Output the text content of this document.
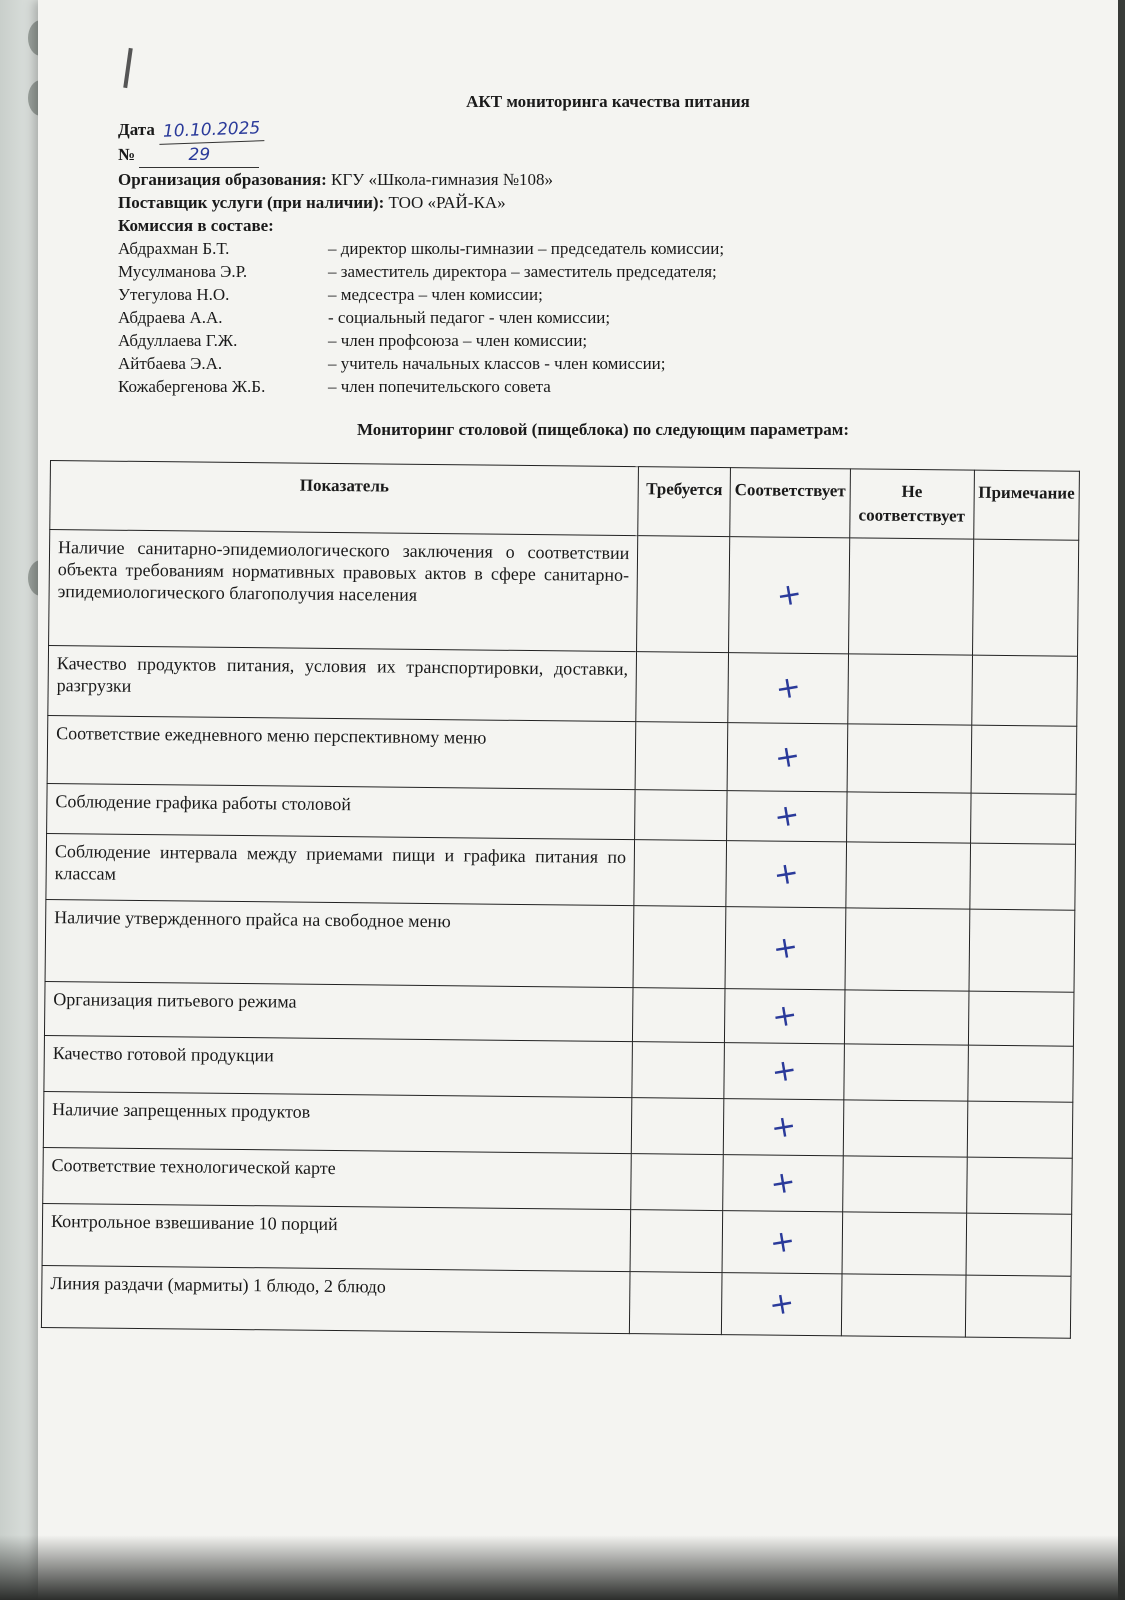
АКТ мониторинга качества питания
Дата 10.10.2025
№	29
Организация образования: КГУ «Школа-гимназия №108»
Поставщик услуги (при наличии): ТОО «РАЙ-КА»
Комиссия в составе:
Абдрахман Б.Т.	– директор школы-гимназии – председатель комиссии;
Мусулманова Э.Р.	– заместитель директора – заместитель председателя;
Утегулова Н.О.	– медсестра – член комиссии;
Абдраева А.А.	- социальный педагог - член комиссии;
Абдуллаева Г.Ж.	– член профсоюза – член комиссии;
Айтбаева Э.А.	– учитель начальных классов - член комиссии;
Кожабергенова Ж.Б.	– член попечительского совета
Мониторинг столовой (пищеблока) по следующим параметрам:
Показатель	Требуется	Соответствует	Не соответствует	Примечание
Наличие санитарно-эпидемиологического заключения о соответствии объекта требованиям нормативных правовых актов в сфере санитарно-эпидемиологического благополучия населения		+		
Качество продуктов питания, условия их транспортировки, доставки, разгрузки		+		
Соответствие ежедневного меню перспективному меню		+		
Соблюдение графика работы столовой		+		
Соблюдение интервала между приемами пищи и графика питания по классам		+		
Наличие утвержденного прайса на свободное меню		+		
Организация питьевого режима		+		
Качество готовой продукции		+		
Наличие запрещенных продуктов		+		
Соответствие технологической карте		+		
Контрольное взвешивание 10 порций		+		
Линия раздачи (мармиты) 1 блюдо, 2 блюдо		+		
